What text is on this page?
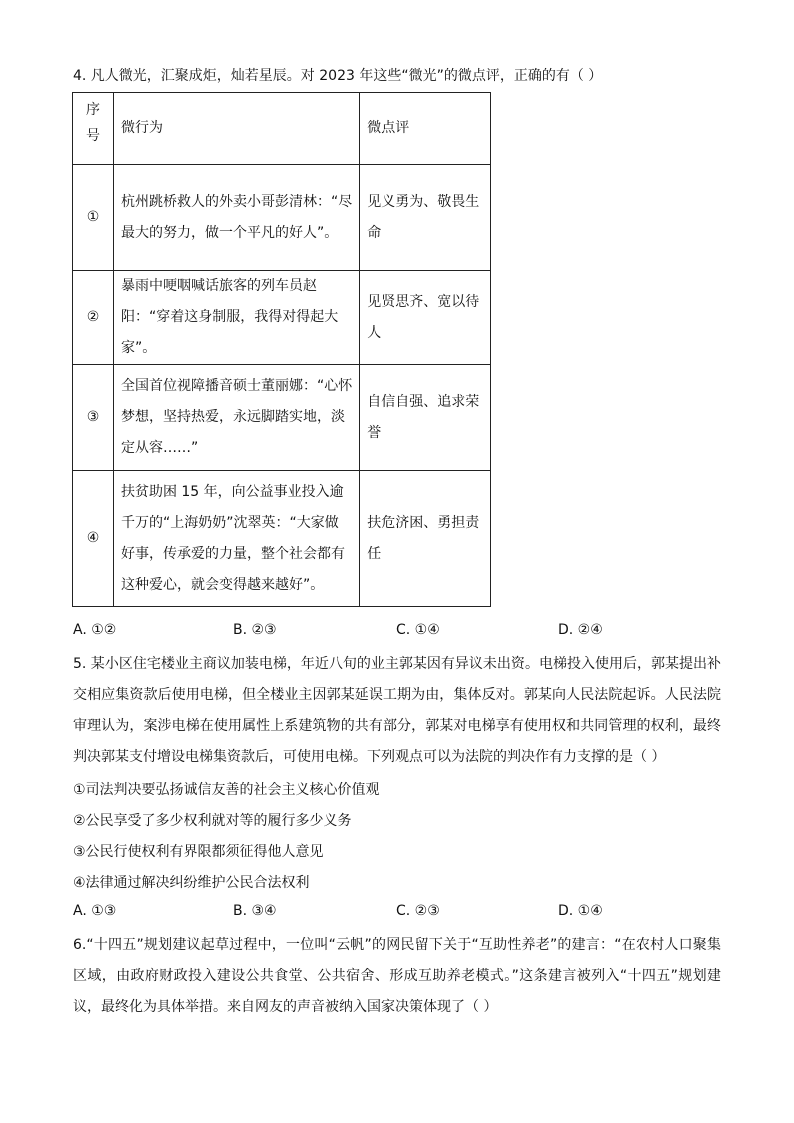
4. 凡人微光，汇聚成炬，灿若星辰。对 2023 年这些“微光”的微点评，正确的有（ ）
序号	微行为	微点评
①	杭州跳桥救人的外卖小哥彭清林：“尽最大的努力，做一个平凡的好人”。	见义勇为、敬畏生命
②	暴雨中哽咽喊话旅客的列车员赵阳：“穿着这身制服，我得对得起大家”。	见贤思齐、宽以待人
③	全国首位视障播音硕士董丽娜：“心怀梦想，坚持热爱，永远脚踏实地，淡定从容……”	自信自强、追求荣誉
④	扶贫助困 15 年，向公益事业投入逾千万的“上海奶奶”沈翠英：“大家做好事，传承爱的力量，整个社会都有这种爱心，就会变得越来越好”。	扶危济困、勇担责任
A. ①②	B. ②③	C. ①④	D. ②④
5. 某小区住宅楼业主商议加装电梯，年近八旬的业主郭某因有异议未出资。电梯投入使用后，郭某提出补交相应集资款后使用电梯，但全楼业主因郭某延误工期为由，集体反对。郭某向人民法院起诉。人民法院审理认为，案涉电梯在使用属性上系建筑物的共有部分，郭某对电梯享有使用权和共同管理的权利，最终判决郭某支付增设电梯集资款后，可使用电梯。下列观点可以为法院的判决作有力支撑的是（ ）
①司法判决要弘扬诚信友善的社会主义核心价值观
②公民享受了多少权利就对等的履行多少义务
③公民行使权利有界限都须征得他人意见
④法律通过解决纠纷维护公民合法权利
A. ①③	B. ③④	C. ②③	D. ①④
6.“十四五”规划建议起草过程中，一位叫“云帆”的网民留下关于“互助性养老”的建言：“在农村人口聚集区域，由政府财政投入建设公共食堂、公共宿舍、形成互助养老模式。”这条建言被列入“十四五”规划建议，最终化为具体举措。来自网友的声音被纳入国家决策体现了（ ）
